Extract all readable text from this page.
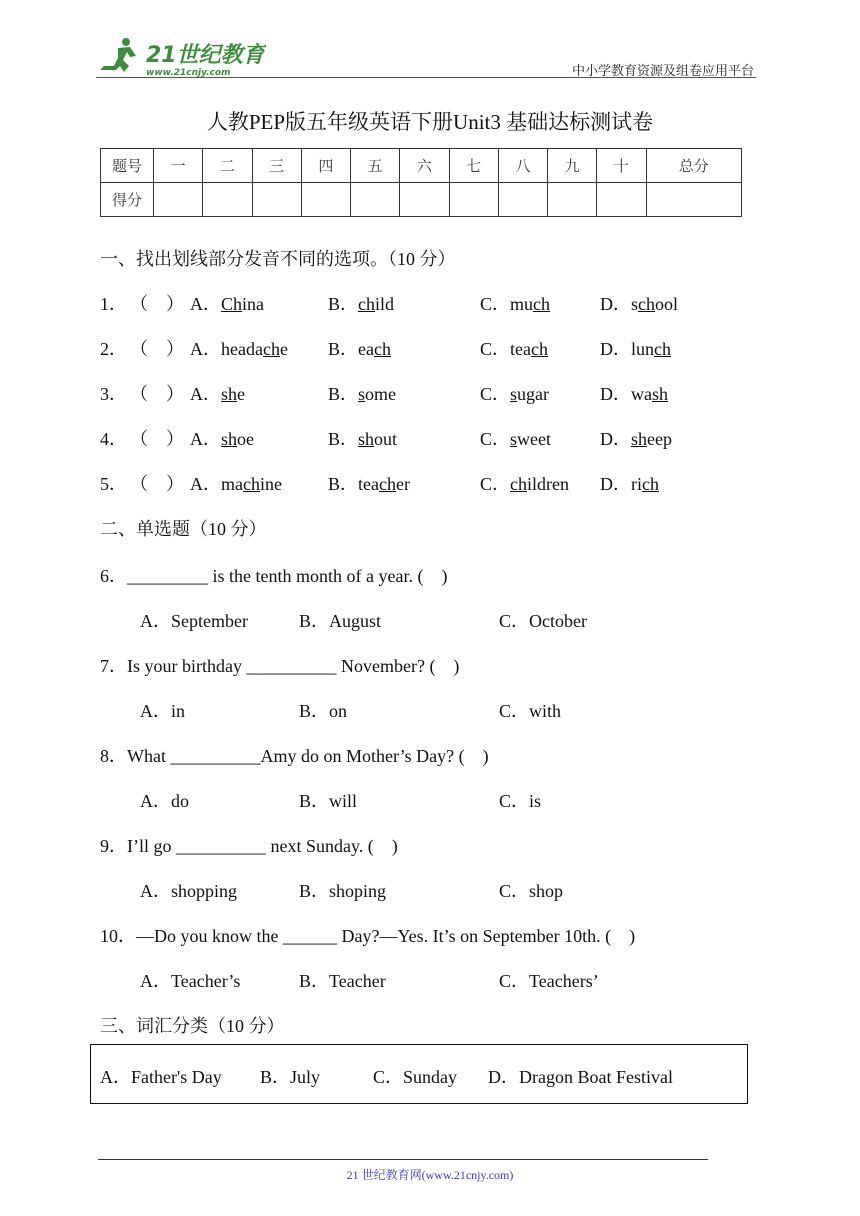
21世纪教育
www.21cnjy.com	中小学教育资源及组卷应用平台
人教PEP版五年级英语下册Unit3 基础达标测试卷
题号	一	二	三	四	五	六	七	八	九	十	总分
得分											
一、找出划线部分发音不同的选项。（10 分）
1． （　） A．China	B．child	C．much	D．school
2． （　） A．headache B．each	C．teach	D．lunch
3． （　） A．she	B．some	C．sugar	D．wash
4． （　） A．shoe	B．shout	C．sweet	D．sheep
5． （　） A．machine	B．teacher	C．children D．rich
二、单选题（10 分）
6．_________ is the tenth month of a year. (　)
A．September	B．August	C．October
7．Is your birthday __________ November? (　)
A．in	B．on	C．with
8．What __________Amy do on Mother’s Day? (　)
A．do	B．will	C．is
9．I’ll go __________ next Sunday. (　)
A．shopping	B．shoping	C．shop
10．—Do you know the ______ Day?—Yes. It’s on September 10th. (　)
A．Teacher’s	B．Teacher	C．Teachers’
三、词汇分类（10 分）
A．Father's Day B．July	C．Sunday D．Dragon Boat Festival
21 世纪教育网(www.21cnjy.com)
